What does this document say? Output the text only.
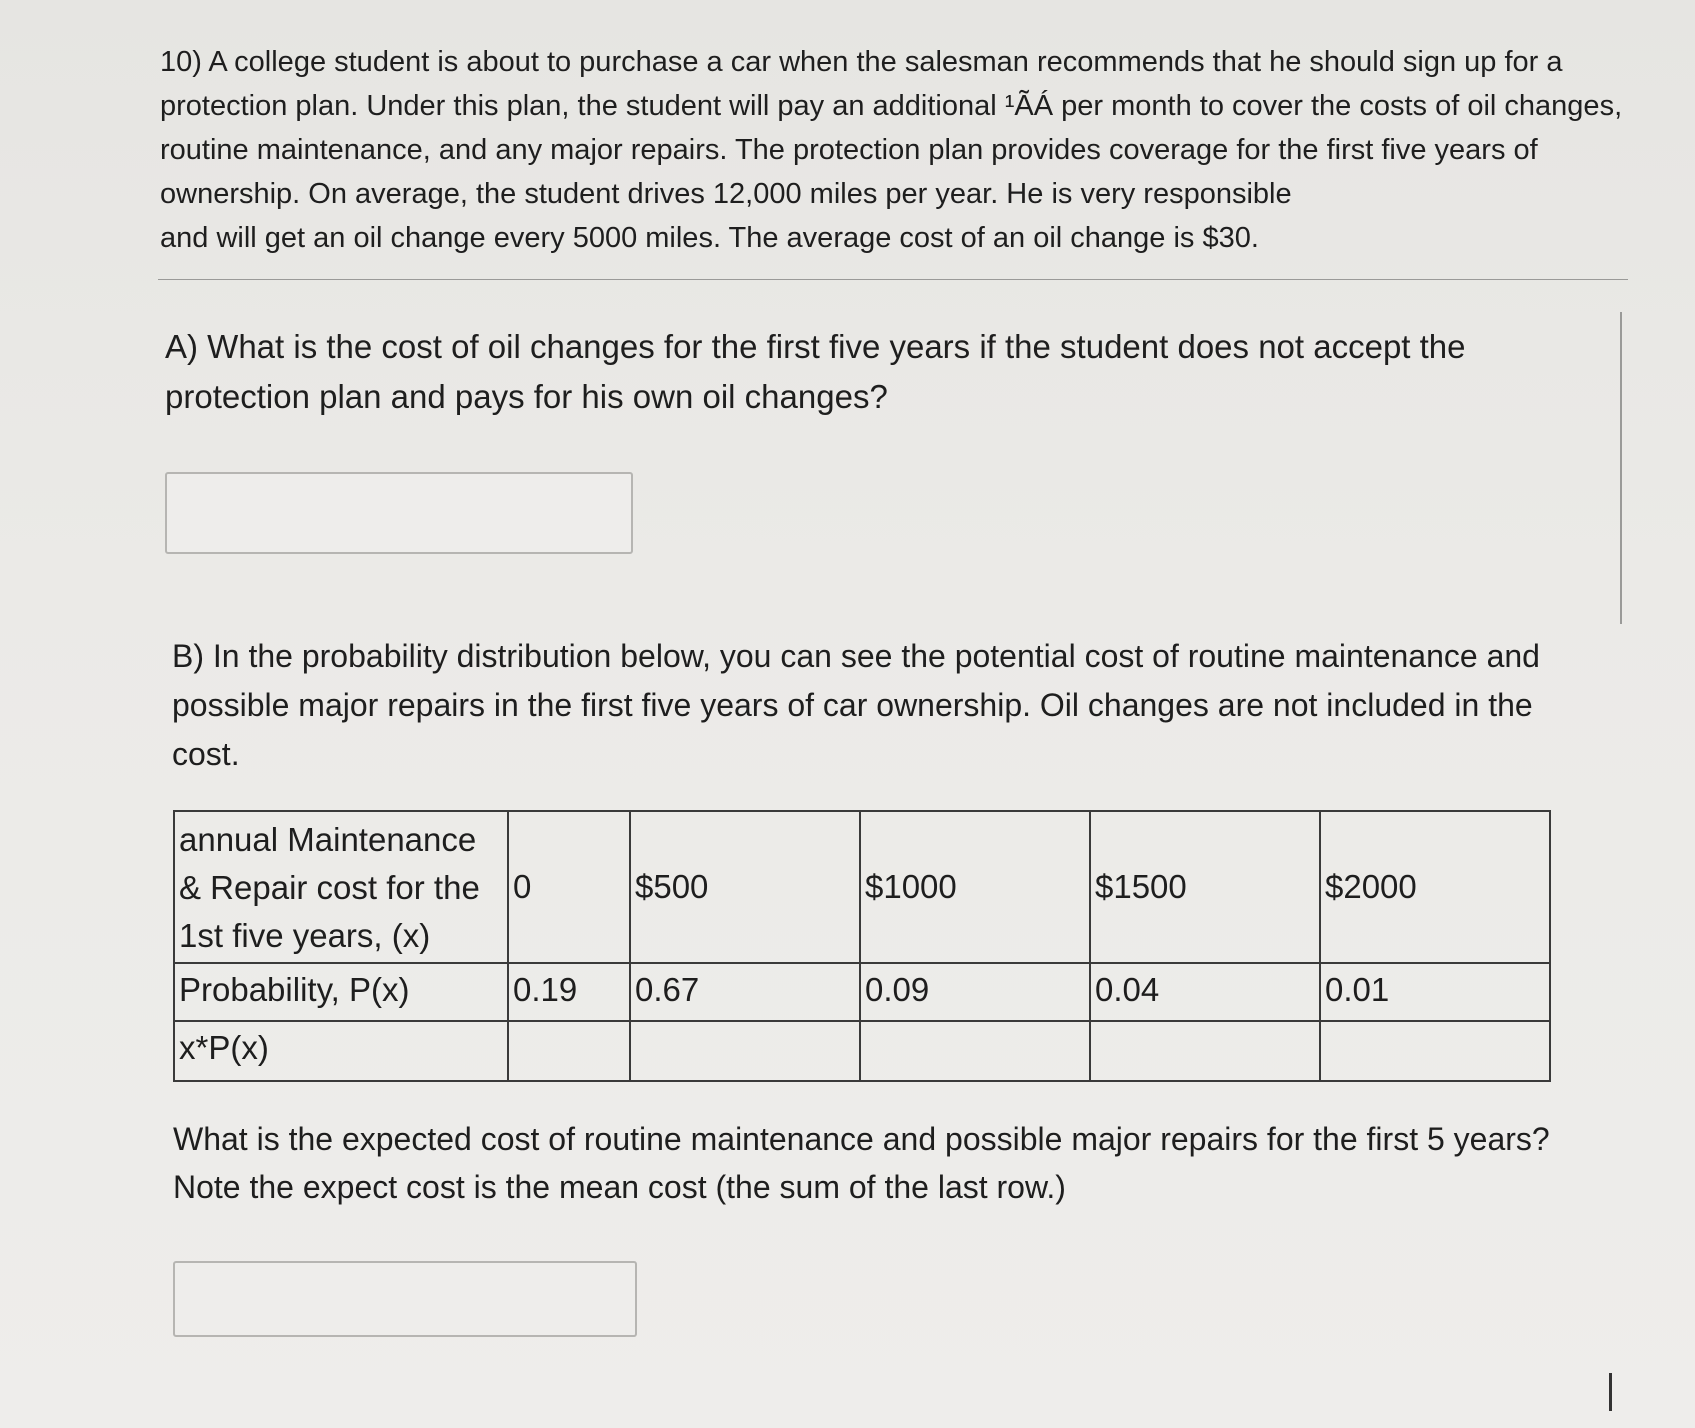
10) A college student is about to purchase a car when the salesman recommends that he should sign up for a protection plan. Under this plan, the student will pay an additional ¹ÃÁ per month to cover the costs of oil changes, routine maintenance, and any major repairs. The protection plan provides coverage for the first five years of ownership. On average, the student drives 12,000 miles per year. He is very responsible
and will get an oil change every 5000 miles. The average cost of an oil change is $30.

A) What is the cost of oil changes for the first five years if the student does not accept the protection plan and pays for his own oil changes?

B) In the probability distribution below, you can see the potential cost of routine maintenance and possible major repairs in the first five years of car ownership. Oil changes are not included in the cost.

annual Maintenance
& Repair cost for the
1st five years, (x)	0	$500	$1000	$1500	$2000
Probability, P(x)	0.19	0.67	0.09	0.04	0.01
x*P(x)					

What is the expected cost of routine maintenance and possible major repairs for the first 5 years? Note the expect cost is the mean cost (the sum of the last row.)
